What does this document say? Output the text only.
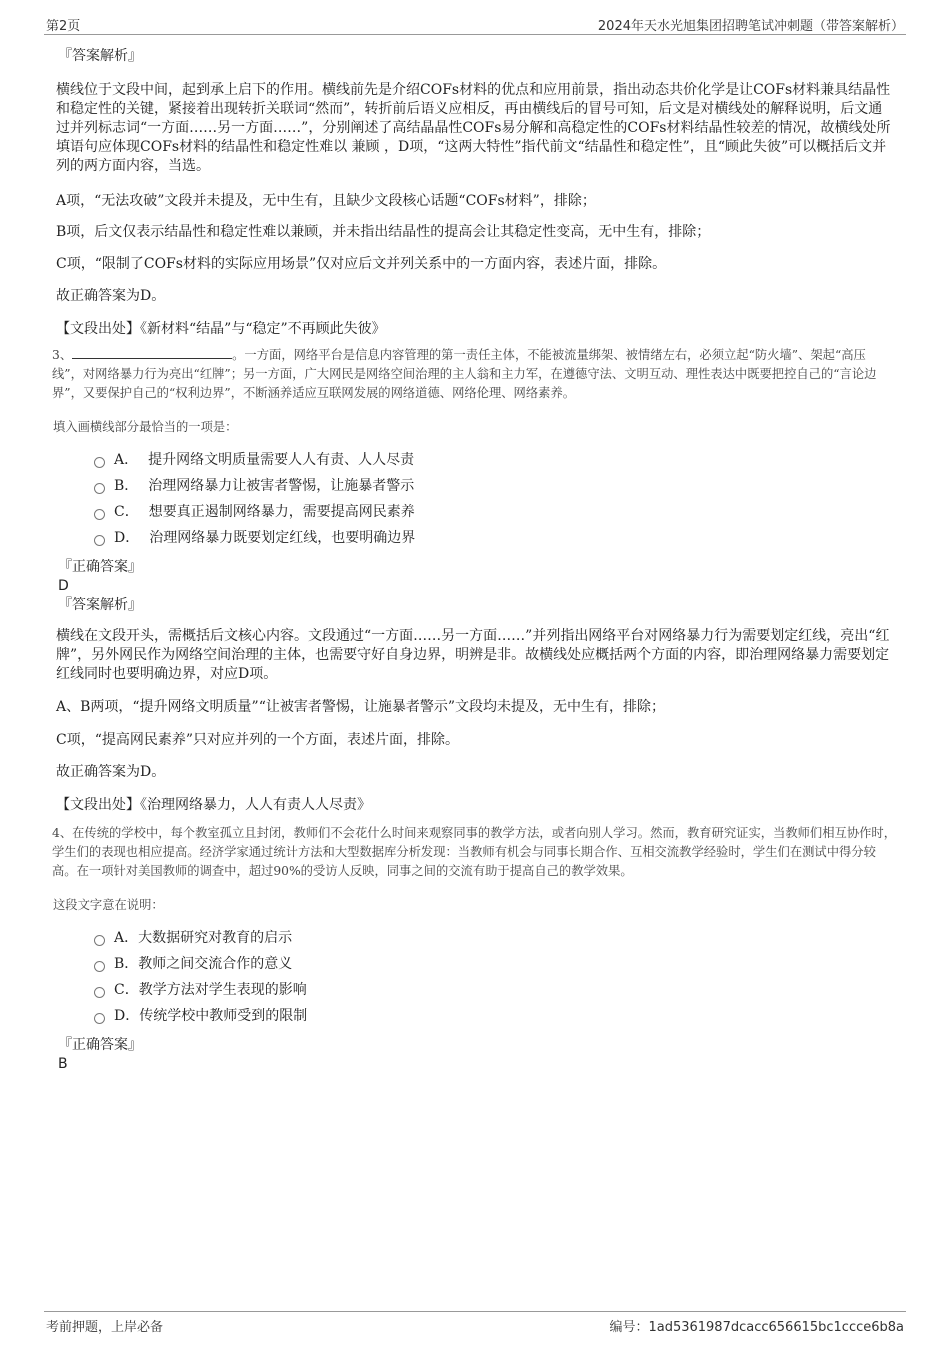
第2页	2024年天水光旭集团招聘笔试冲刺题（带答案解析）

『答案解析』

横线位于文段中间，起到承上启下的作用。横线前先是介绍COFs材料的优点和应用前景，指出动态共价化学是让COFs材料兼具结晶性和稳定性的关键，紧接着出现转折关联词“然而”，转折前后语义应相反，再由横线后的冒号可知，后文是对横线处的解释说明，后文通过并列标志词“一方面……另一方面……”，分别阐述了高结晶晶性COFs易分解和高稳定性的COFs材料结晶性较差的情况，故横线处所填语句应体现COFs材料的结晶性和稳定性难以 兼顾 ，D项，“这两大特性”指代前文“结晶性和稳定性”，且“顾此失彼”可以概括后文并列的两方面内容，当选。

A项，“无法攻破”文段并未提及，无中生有，且缺少文段核心话题“COFs材料”，排除；

B项，后文仅表示结晶性和稳定性难以兼顾，并未指出结晶性的提高会让其稳定性变高，无中生有，排除；

C项，“限制了COFs材料的实际应用场景”仅对应后文并列关系中的一方面内容，表述片面，排除。

故正确答案为D。

【文段出处】《新材料“结晶”与“稳定”不再顾此失彼》

3、	。一方面，网络平台是信息内容管理的第一责任主体，不能被流量绑架、被情绪左右，必须立起“防火墙”、架起“高压线”，对网络暴力行为亮出“红牌”；另一方面，广大网民是网络空间治理的主人翁和主力军，在遵德守法、文明互动、理性表达中既要把控自己的“言论边界”，又要保护自己的“权利边界”，不断涵养适应互联网发展的网络道德、网络伦理、网络素养。

填入画横线部分最恰当的一项是：

A． 提升网络文明质量需要人人有责、人人尽责
B． 治理网络暴力让被害者警惕，让施暴者警示
C． 想要真正遏制网络暴力，需要提高网民素养
D． 治理网络暴力既要划定红线，也要明确边界

『正确答案』

D

『答案解析』

横线在文段开头，需概括后文核心内容。文段通过“一方面……另一方面……”并列指出网络平台对网络暴力行为需要划定红线，亮出“红牌”，另外网民作为网络空间治理的主体，也需要守好自身边界，明辨是非。故横线处应概括两个方面的内容，即治理网络暴力需要划定红线同时也要明确边界，对应D项。

A、B两项，“提升网络文明质量”“让被害者警惕，让施暴者警示”文段均未提及，无中生有，排除；

C项，“提高网民素养”只对应并列的一个方面，表述片面，排除。

故正确答案为D。

【文段出处】《治理网络暴力，人人有责人人尽责》

4、在传统的学校中，每个教室孤立且封闭，教师们不会花什么时间来观察同事的教学方法，或者向别人学习。然而，教育研究证实，当教师们相互协作时，学生们的表现也相应提高。经济学家通过统计方法和大型数据库分析发现：当教师有机会与同事长期合作、互相交流教学经验时，学生们在测试中得分较高。在一项针对美国教师的调查中，超过90%的受访人反映，同事之间的交流有助于提高自己的教学效果。

这段文字意在说明：

A． 大数据研究对教育的启示
B． 教师之间交流合作的意义
C． 教学方法对学生表现的影响
D． 传统学校中教师受到的限制

『正确答案』

B

考前押题，上岸必备	编号：1ad5361987dcacc656615bc1ccce6b8a
